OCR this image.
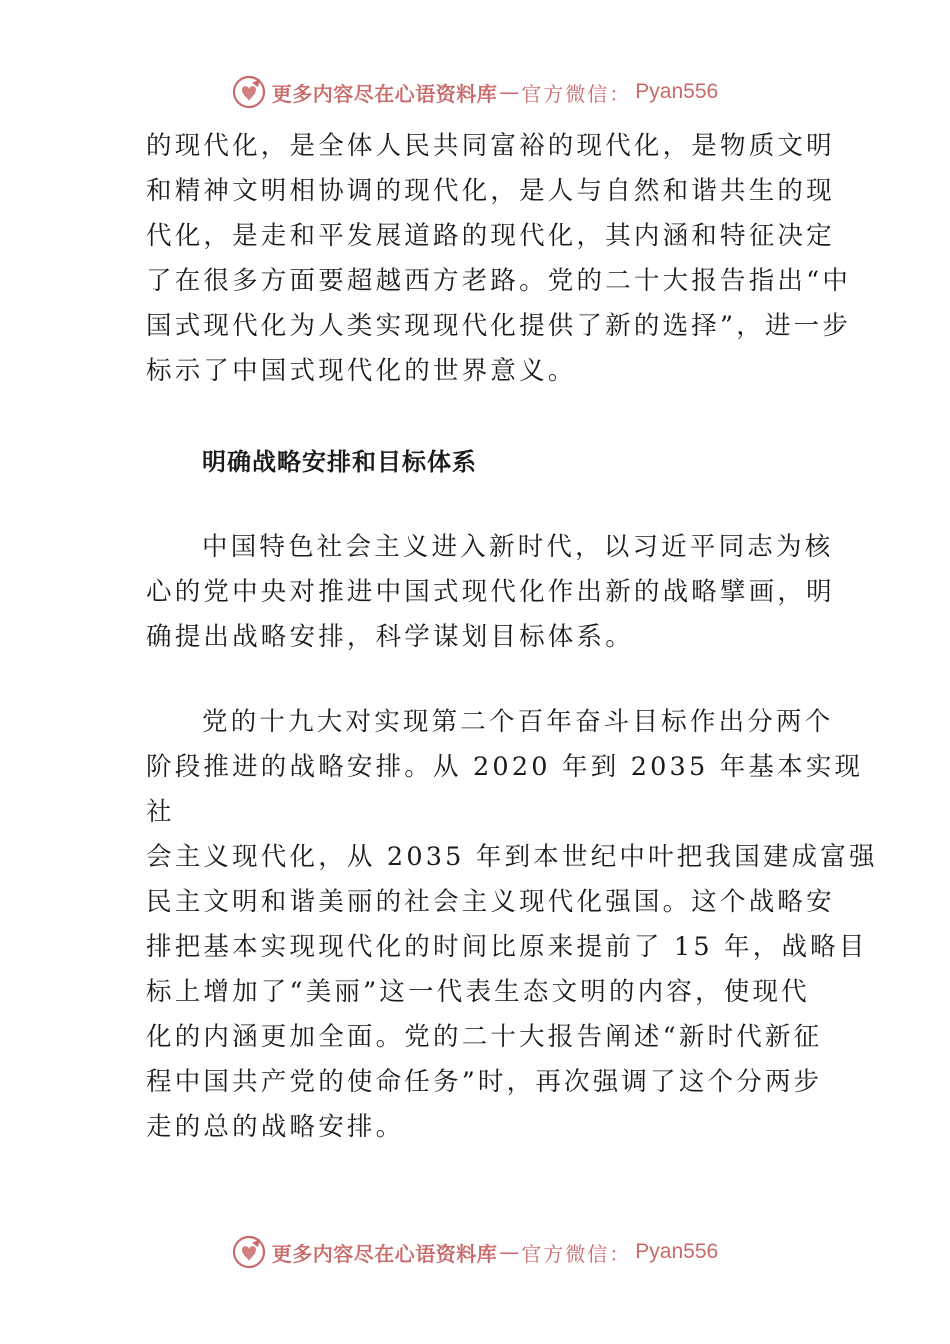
更多内容尽在心语资料库 — 官方微信： Pyan556

的现代化，是全体人民共同富裕的现代化，是物质文明
和精神文明相协调的现代化，是人与自然和谐共生的现
代化，是走和平发展道路的现代化，其内涵和特征决定
了在很多方面要超越西方老路。党的二十大报告指出“中
国式现代化为人类实现现代化提供了新的选择”，进一步
标示了中国式现代化的世界意义。

明确战略安排和目标体系

中国特色社会主义进入新时代，以习近平同志为核
心的党中央对推进中国式现代化作出新的战略擘画，明
确提出战略安排，科学谋划目标体系。

党的十九大对实现第二个百年奋斗目标作出分两个
阶段推进的战略安排。从 2020 年到 2035 年基本实现
社
会主义现代化，从 2035 年到本世纪中叶把我国建成富强
民主文明和谐美丽的社会主义现代化强国。这个战略安
排把基本实现现代化的时间比原来提前了 15 年，战略目
标上增加了“美丽”这一代表生态文明的内容，使现代
化的内涵更加全面。党的二十大报告阐述“新时代新征
程中国共产党的使命任务”时，再次强调了这个分两步
走的总的战略安排。

更多内容尽在心语资料库 — 官方微信： Pyan556
